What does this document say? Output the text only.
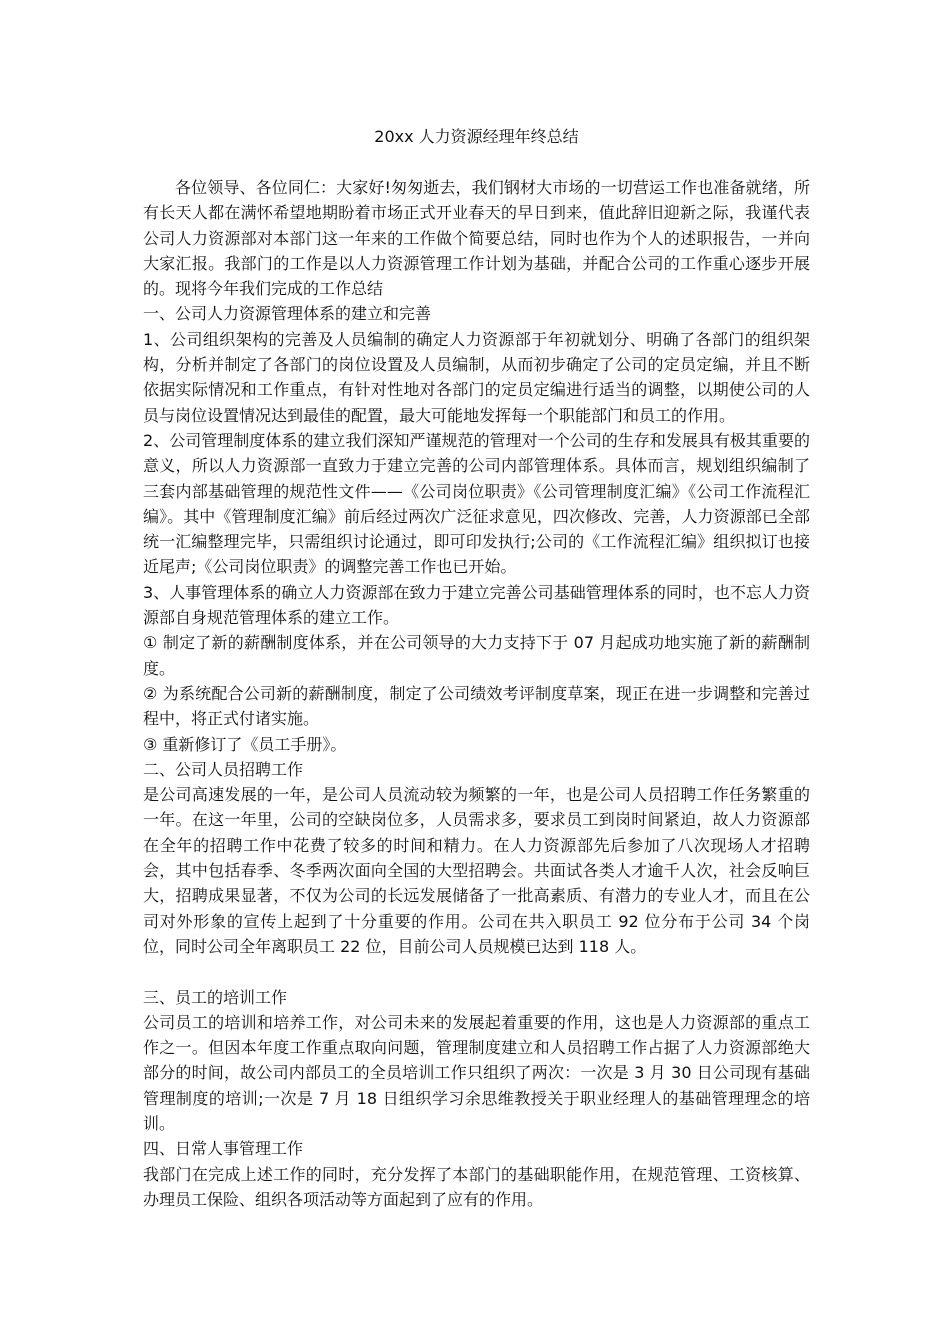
20xx 人力资源经理年终总结

各位领导、各位同仁：大家好!匆匆逝去，我们钢材大市场的一切营运工作也准备就绪，所有长天人都在满怀希望地期盼着市场正式开业春天的早日到来，值此辞旧迎新之际，我谨代表公司人力资源部对本部门这一年来的工作做个简要总结，同时也作为个人的述职报告，一并向大家汇报。我部门的工作是以人力资源管理工作计划为基础，并配合公司的工作重心逐步开展的。现将今年我们完成的工作总结

一、公司人力资源管理体系的建立和完善

1、公司组织架构的完善及人员编制的确定人力资源部于年初就划分、明确了各部门的组织架构，分析并制定了各部门的岗位设置及人员编制，从而初步确定了公司的定员定编，并且不断依据实际情况和工作重点，有针对性地对各部门的定员定编进行适当的调整，以期使公司的人员与岗位设置情况达到最佳的配置，最大可能地发挥每一个职能部门和员工的作用。

2、公司管理制度体系的建立我们深知严谨规范的管理对一个公司的生存和发展具有极其重要的意义，所以人力资源部一直致力于建立完善的公司内部管理体系。具体而言，规划组织编制了三套内部基础管理的规范性文件——《公司岗位职责》《公司管理制度汇编》《公司工作流程汇编》。其中《管理制度汇编》前后经过两次广泛征求意见，四次修改、完善，人力资源部已全部统一汇编整理完毕，只需组织讨论通过，即可印发执行;公司的《工作流程汇编》组织拟订也接近尾声;《公司岗位职责》的调整完善工作也已开始。

3、人事管理体系的确立人力资源部在致力于建立完善公司基础管理体系的同时，也不忘人力资源部自身规范管理体系的建立工作。

① 制定了新的薪酬制度体系，并在公司领导的大力支持下于 07 月起成功地实施了新的薪酬制度。

② 为系统配合公司新的薪酬制度，制定了公司绩效考评制度草案，现正在进一步调整和完善过程中，将正式付诸实施。

③ 重新修订了《员工手册》。

二、公司人员招聘工作

是公司高速发展的一年，是公司人员流动较为频繁的一年，也是公司人员招聘工作任务繁重的一年。在这一年里，公司的空缺岗位多，人员需求多，要求员工到岗时间紧迫，故人力资源部在全年的招聘工作中花费了较多的时间和精力。在人力资源部先后参加了八次现场人才招聘会，其中包括春季、冬季两次面向全国的大型招聘会。共面试各类人才逾千人次，社会反响巨大，招聘成果显著，不仅为公司的长远发展储备了一批高素质、有潜力的专业人才，而且在公司对外形象的宣传上起到了十分重要的作用。公司在共入职员工 92 位分布于公司 34 个岗位，同时公司全年离职员工 22 位，目前公司人员规模已达到 118 人。

三、员工的培训工作

公司员工的培训和培养工作，对公司未来的发展起着重要的作用，这也是人力资源部的重点工作之一。但因本年度工作重点取向问题，管理制度建立和人员招聘工作占据了人力资源部绝大部分的时间，故公司内部员工的全员培训工作只组织了两次：一次是 3 月 30 日公司现有基础管理制度的培训;一次是 7 月 18 日组织学习余思维教授关于职业经理人的基础管理理念的培训。

四、日常人事管理工作

我部门在完成上述工作的同时，充分发挥了本部门的基础职能作用，在规范管理、工资核算、办理员工保险、组织各项活动等方面起到了应有的作用。
